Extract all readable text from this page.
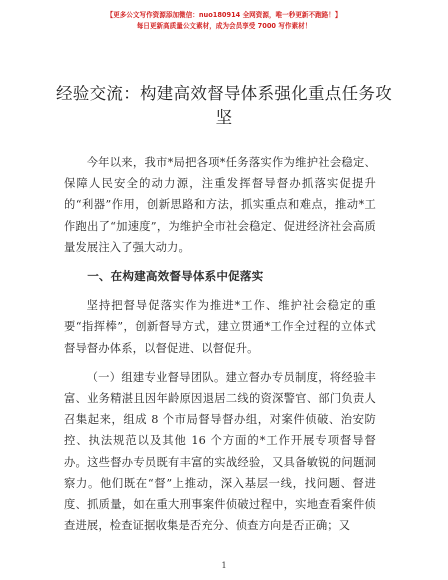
【更多公文写作资源添加微信：nuo180914 全网资源，唯一秒更新不跑路！】
每日更新高质量公文素材，成为会员享受 7000 写作素材！
经验交流：构建高效督导体系强化重点任务攻坚

今年以来，我市*局把各项*任务落实作为维护社会稳定、保障人民安全的动力源，注重发挥督导督办抓落实促提升的“利器”作用，创新思路和方法，抓实重点和难点，推动*工作跑出了“加速度”，为维护全市社会稳定、促进经济社会高质量发展注入了强大动力。

一、在构建高效督导体系中促落实

坚持把督导促落实作为推进*工作、维护社会稳定的重要“指挥棒”，创新督导方式，建立贯通*工作全过程的立体式督导督办体系，以督促进、以督促升。

（一）组建专业督导团队。建立督办专员制度，将经验丰富、业务精湛且因年龄原因退居二线的资深警官、部门负责人召集起来，组成 8 个市局督导督办组，对案件侦破、治安防控、执法规范以及其他 16 个方面的*工作开展专项督导督办。这些督办专员既有丰富的实战经验，又具备敏锐的问题洞察力。他们既在“督”上推动，深入基层一线，找问题、督进度、抓质量，如在重大刑事案件侦破过程中，实地查看案件侦查进展，检查证据收集是否充分、侦查方向是否正确；又

1
